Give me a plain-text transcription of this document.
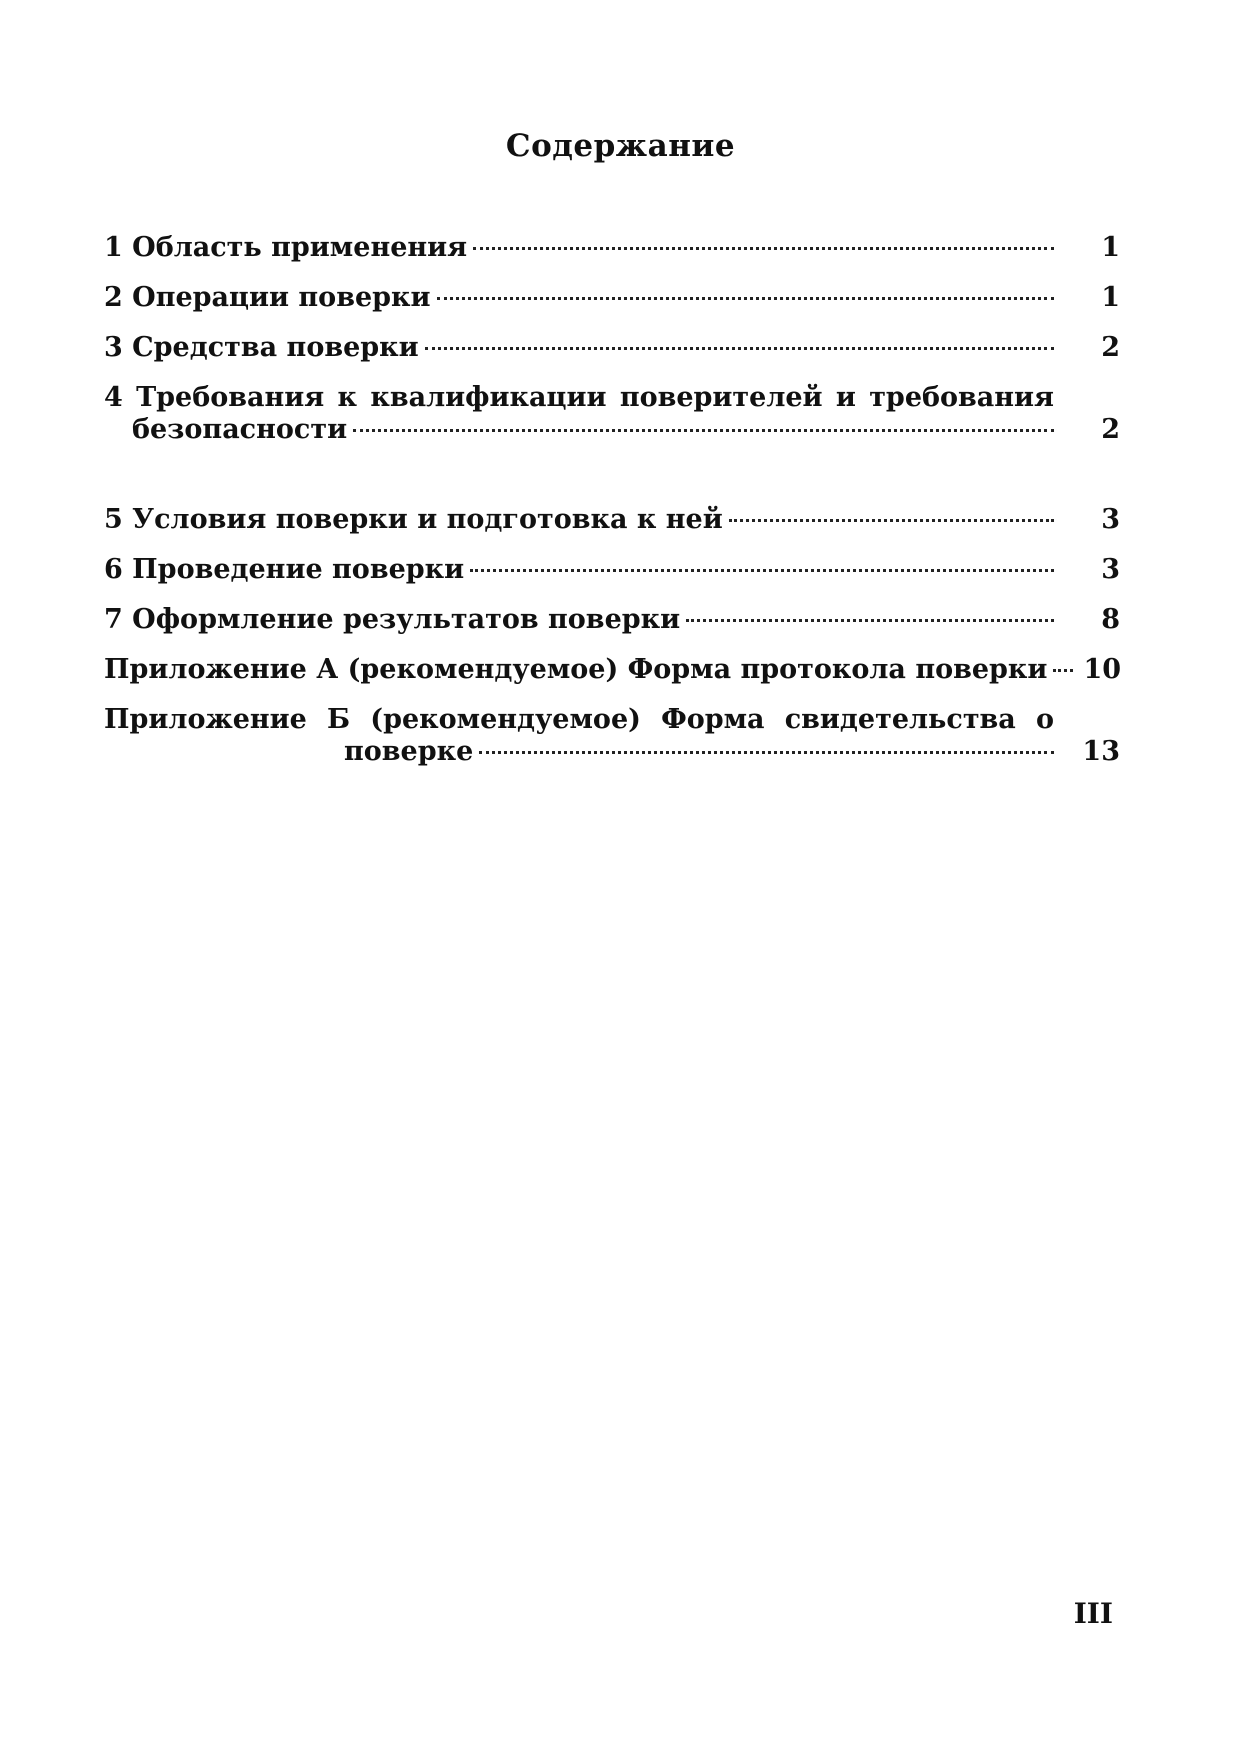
Содержание
1 Область применения	1
2 Операции поверки	1
3 Средства поверки	2
4 Требования к квалификации поверителей и требования
безопасности	2
5 Условия поверки и подготовка к ней	3
6 Проведение поверки	3
7 Оформление результатов поверки	8
Приложение А (рекомендуемое) Форма протокола поверки 10
Приложение Б (рекомендуемое) Форма свидетельства о
поверке	13
III
